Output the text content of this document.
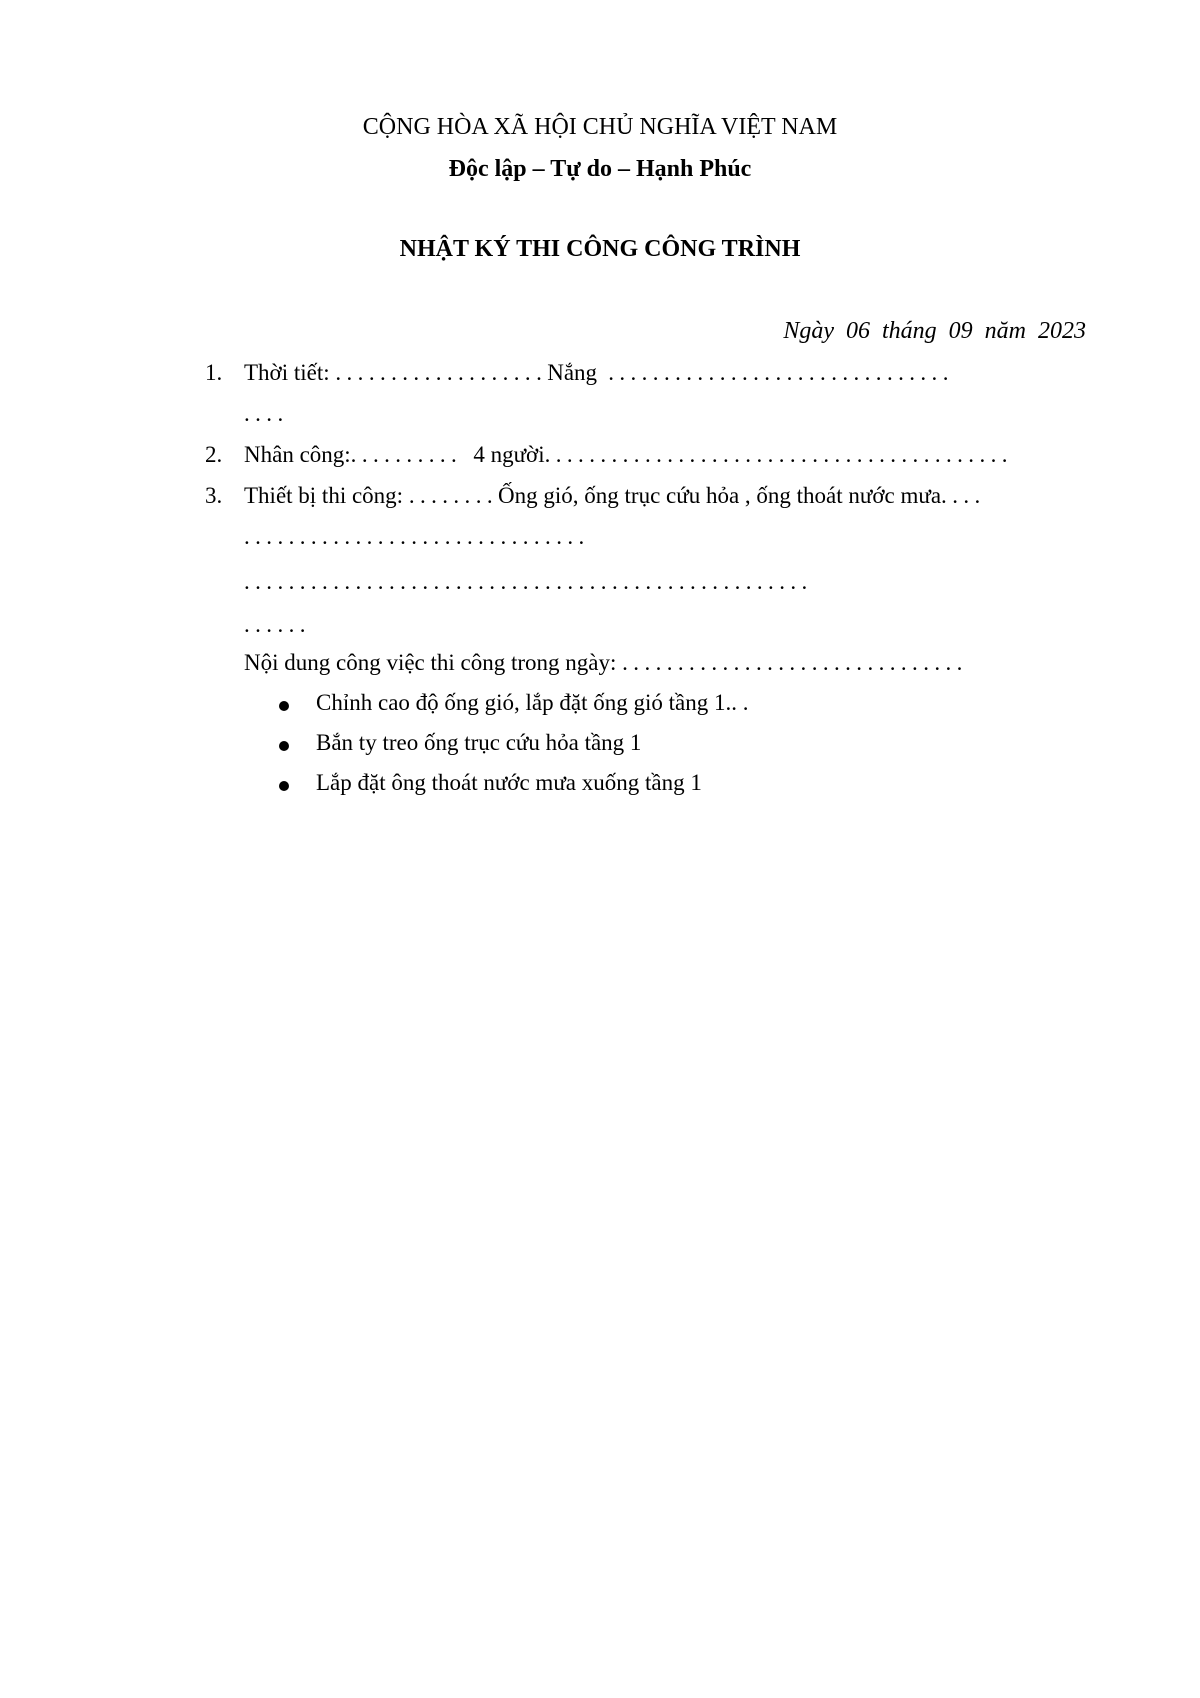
CỘNG HÒA XÃ HỘI CHỦ NGHĨA VIỆT NAM
Độc lập – Tự do – Hạnh Phúc
NHẬT KÝ THI CÔNG CÔNG TRÌNH
Ngày 06 tháng 09 năm 2023
1. Thời tiết: ...................Nắng ...............................
....
2. Nhân công:.......... 4 người..........................................
3. Thiết bị thi công: ........Ống gió, ống trục cứu hỏa , ống thoát nước mưa....
...............................
...................................................
......
Nội dung công việc thi công trong ngày: ...............................
Chỉnh cao độ ống gió, lắp đặt ống gió tầng 1.. .
Bắn ty treo ống trục cứu hỏa tầng 1
Lắp đặt ông thoát nước mưa xuống tầng 1
